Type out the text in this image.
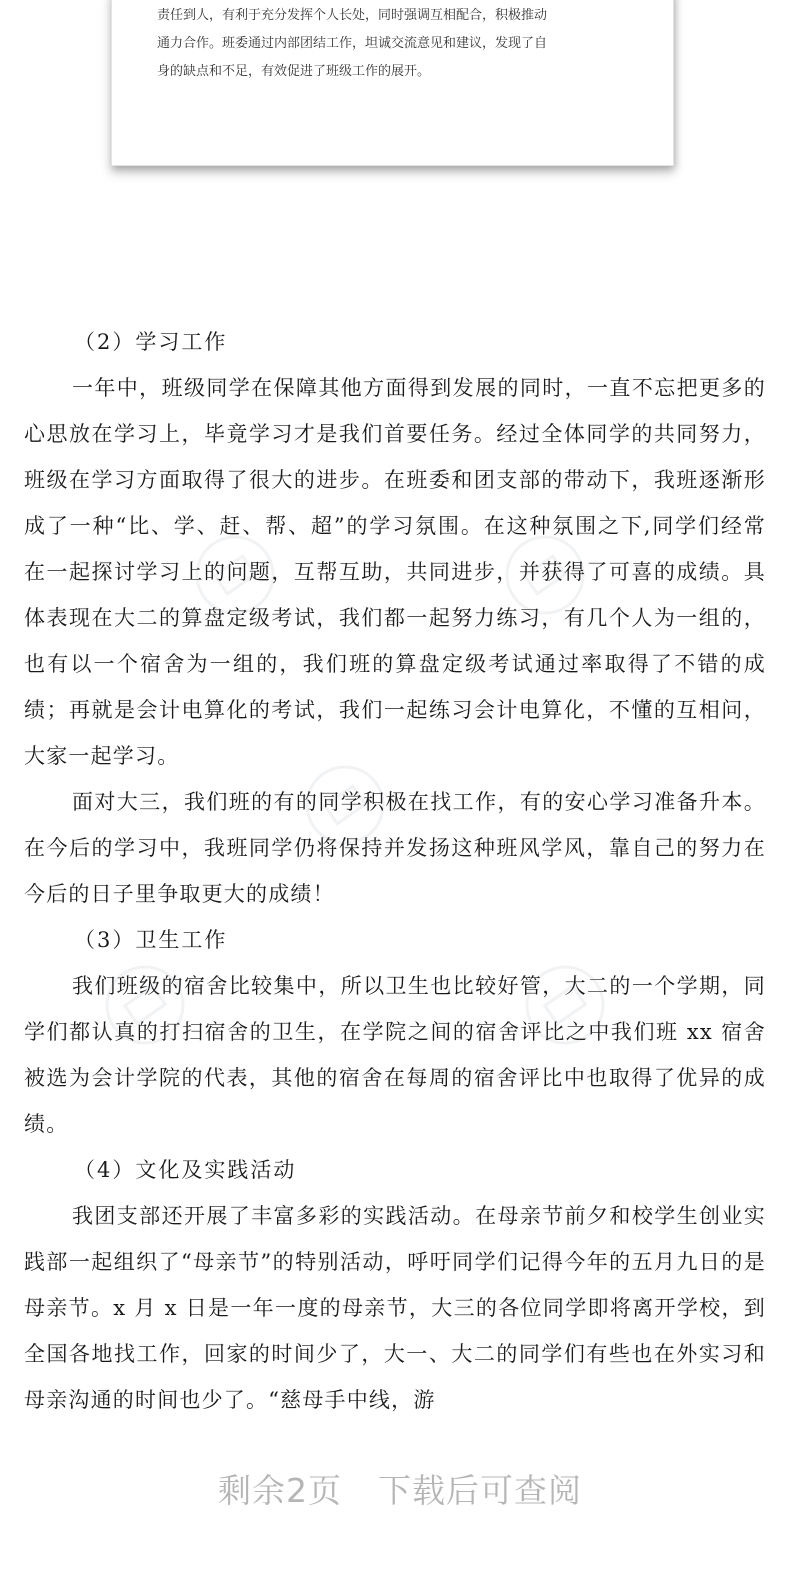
责任到人，有利于充分发挥个人长处，同时强调互相配合，积极推动

通力合作。班委通过内部团结工作，坦诚交流意见和建议，发现了自

身的缺点和不足，有效促进了班级工作的展开。

（2）学习工作

一年中，班级同学在保障其他方面得到发展的同时，一直不忘把更多的心思放在学习上，毕竟学习才是我们首要任务。经过全体同学的共同努力，班级在学习方面取得了很大的进步。在班委和团支部的带动下，我班逐渐形成了一种“比、学、赶、帮、超”的学习氛围。在这种氛围之下,同学们经常在一起探讨学习上的问题，互帮互助，共同进步，并获得了可喜的成绩。具体表现在大二的算盘定级考试，我们都一起努力练习，有几个人为一组的，也有以一个宿舍为一组的，我们班的算盘定级考试通过率取得了不错的成绩；再就是会计电算化的考试，我们一起练习会计电算化，不懂的互相问，大家一起学习。

面对大三，我们班的有的同学积极在找工作，有的安心学习准备升本。在今后的学习中，我班同学仍将保持并发扬这种班风学风，靠自己的努力在今后的日子里争取更大的成绩！

（3）卫生工作

我们班级的宿舍比较集中，所以卫生也比较好管，大二的一个学期，同学们都认真的打扫宿舍的卫生，在学院之间的宿舍评比之中我们班 xx 宿舍被选为会计学院的代表，其他的宿舍在每周的宿舍评比中也取得了优异的成绩。

（4）文化及实践活动

我团支部还开展了丰富多彩的实践活动。在母亲节前夕和校学生创业实践部一起组织了“母亲节”的特别活动，呼吁同学们记得今年的五月九日的是母亲节。x 月 x 日是一年一度的母亲节，大三的各位同学即将离开学校，到全国各地找工作，回家的时间少了，大一、大二的同学们有些也在外实习和母亲沟通的时间也少了。“慈母手中线，游

剩余2页 下载后可查阅
